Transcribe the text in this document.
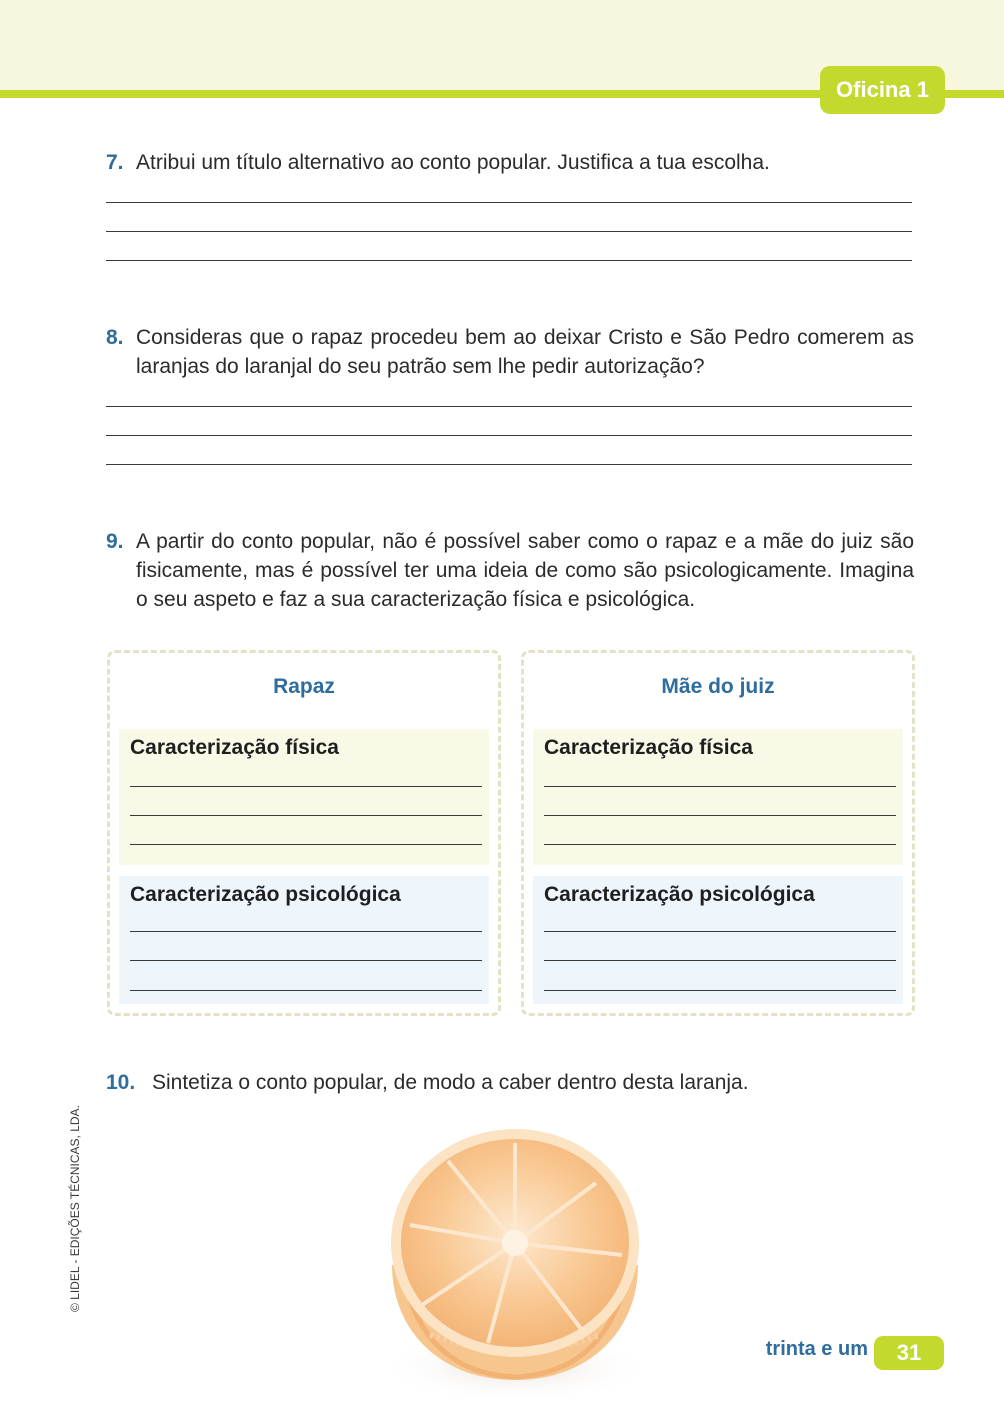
Oficina 1
7. Atribui um título alternativo ao conto popular. Justifica a tua escolha.
8. Consideras que o rapaz procedeu bem ao deixar Cristo e São Pedro comerem as laranjas do laranjal do seu patrão sem lhe pedir autorização?
9. A partir do conto popular, não é possível saber como o rapaz e a mãe do juiz são fisicamente, mas é possível ter uma ideia de como são psicologicamente. Imagina o seu aspeto e faz a sua caracterização física e psicológica.
Rapaz
Caracterização física
Caracterização psicológica
Mãe do juiz
Caracterização física
Caracterização psicológica
10. Sintetiza o conto popular, de modo a caber dentro desta laranja.
© LIDEL - EDIÇÕES TÉCNICAS, LDA.
trinta e um	31
